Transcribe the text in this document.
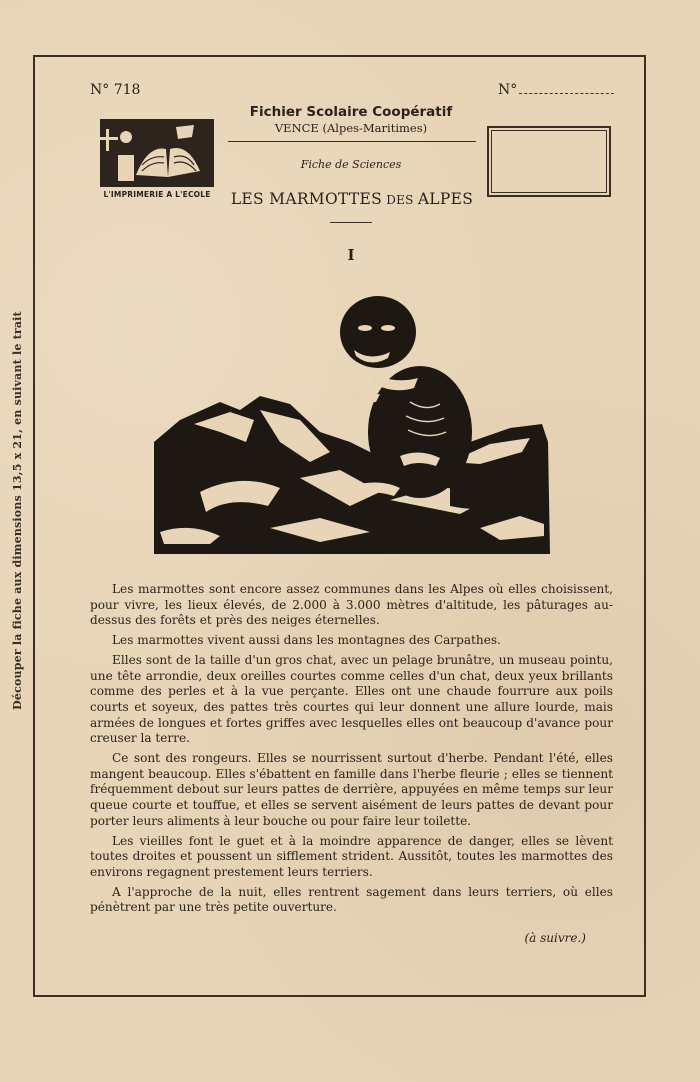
Découper la fiche aux dimensions 13,5 x 21, en suivant le trait
N° 718	N°
L'IMPRIMERIE A L'ECOLE
Fichier Scolaire Coopératif
VENCE (Alpes-Maritimes)
Fiche de Sciences
LES MARMOTTES DES ALPES
I

Les marmottes sont encore assez communes dans les Alpes où elles choisissent, pour vivre, les lieux élevés, de 2.000 à 3.000 mètres d'altitude, les pâturages au-dessus des forêts et près des neiges éternelles.

Les marmottes vivent aussi dans les montagnes des Carpathes.

Elles sont de la taille d'un gros chat, avec un pelage brunâtre, un museau pointu, une tête arrondie, deux oreilles courtes comme celles d'un chat, deux yeux brillants comme des perles et à la vue perçante. Elles ont une chaude fourrure aux poils courts et soyeux, des pattes très courtes qui leur donnent une allure lourde, mais armées de longues et fortes griffes avec lesquelles elles ont beaucoup d'avance pour creuser la terre.

Ce sont des rongeurs. Elles se nourrissent surtout d'herbe. Pendant l'été, elles mangent beaucoup. Elles s'ébattent en famille dans l'herbe fleurie ; elles se tiennent fréquemment debout sur leurs pattes de derrière, appuyées en même temps sur leur queue courte et touffue, et elles se servent aisément de leurs pattes de devant pour porter leurs aliments à leur bouche ou pour faire leur toilette.

Les vieilles font le guet et à la moindre apparence de danger, elles se lèvent toutes droites et poussent un sifflement strident. Aussitôt, toutes les marmottes des environs regagnent prestement leurs terriers.

A l'approche de la nuit, elles rentrent sagement dans leurs terriers, où elles pénètrent par une très petite ouverture.

(à suivre.)
